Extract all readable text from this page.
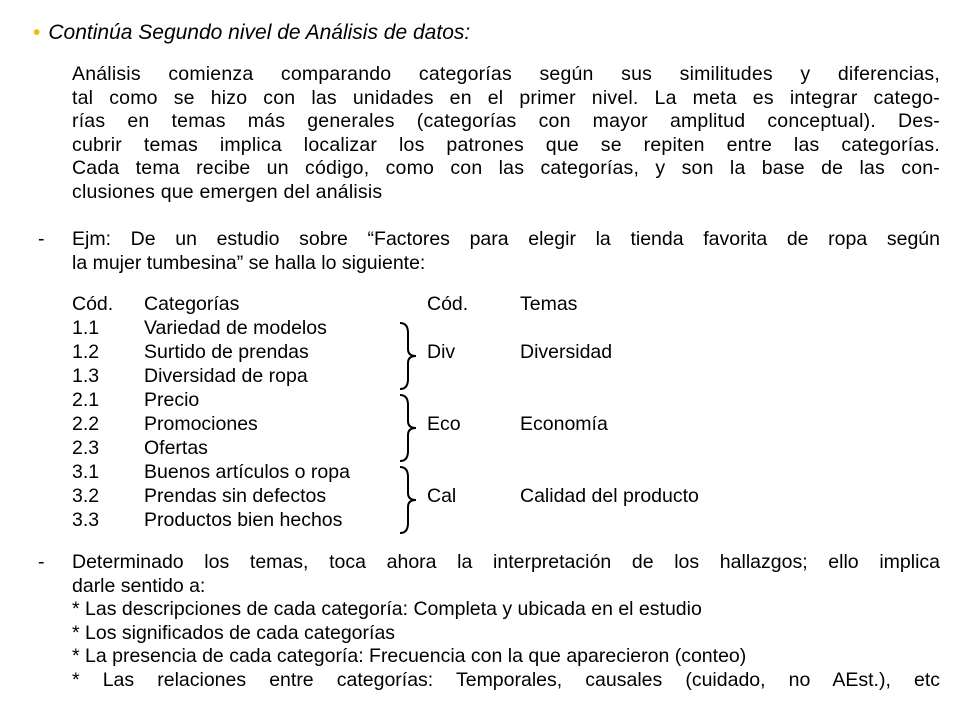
• Continúa Segundo nivel de Análisis de datos:
Análisis comienza comparando categorías según sus similitudes y diferencias,
tal como se hizo con las unidades en el primer nivel. La meta es integrar catego-
rías en temas más generales (categorías con mayor amplitud conceptual). Des-
cubrir temas implica localizar los patrones que se repiten entre las categorías.
Cada tema recibe un código, como con las categorías, y son la base de las con-
clusiones que emergen del análisis
- Ejm: De un estudio sobre “Factores para elegir la tienda favorita de ropa según
la mujer tumbesina” se halla lo siguiente:
Cód. Categorías	Cód.	Temas
1.1 Variedad de modelos
1.2 Surtido de prendas	Div	Diversidad
1.3 Diversidad de ropa
2.1 Precio
2.2 Promociones	Eco	Economía
2.3 Ofertas
3.1 Buenos artículos o ropa
3.2 Prendas sin defectos	Cal	Calidad del producto
3.3 Productos bien hechos
- Determinado los temas, toca ahora la interpretación de los hallazgos; ello implica
darle sentido a:
* Las descripciones de cada categoría: Completa y ubicada en el estudio
* Los significados de cada categorías
* La presencia de cada categoría: Frecuencia con la que aparecieron (conteo)
* Las relaciones entre categorías: Temporales, causales (cuidado, no AEst.), etc
